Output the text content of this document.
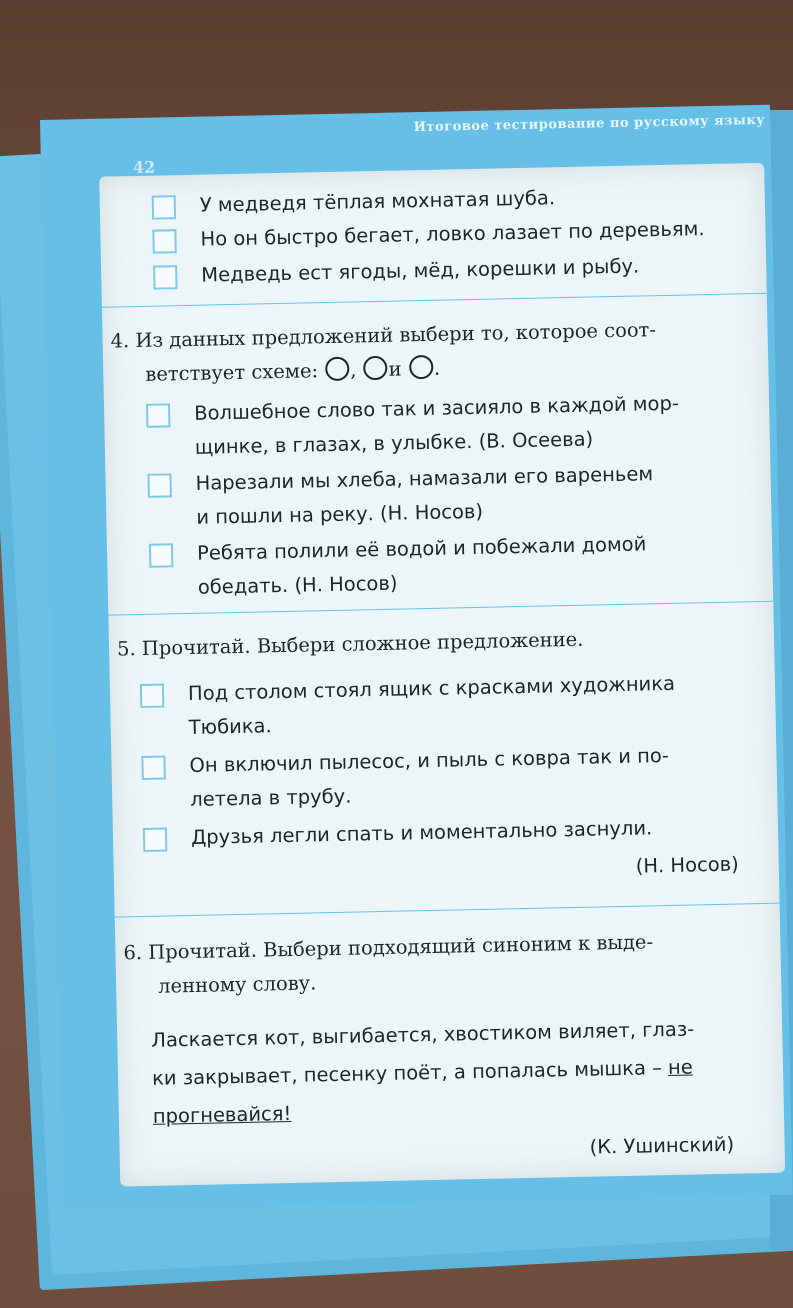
Итоговое тестирование по русскому языку
42
У медведя тёплая мохнатая шуба.
Но он быстро бегает, ловко лазает по деревьям.
Медведь ест ягоды, мёд, корешки и рыбу.
4. Из данных предложений выбери то, которое соот-
ветствует схеме: , и .
Волшебное слово так и засияло в каждой мор-
щинке, в глазах, в улыбке. (В. Осеева)
Нарезали мы хлеба, намазали его вареньем
и пошли на реку. (Н. Носов)
Ребята полили её водой и побежали домой
обедать. (Н. Носов)
5. Прочитай. Выбери сложное предложение.
Под столом стоял ящик с красками художника
Тюбика.
Он включил пылесос, и пыль с ковра так и по-
летела в трубу.
Друзья легли спать и моментально заснули.
(Н. Носов)
6. Прочитай. Выбери подходящий синоним к выде-
ленному слову.
Ласкается кот, выгибается, хвостиком виляет, глаз-
ки закрывает, песенку поёт, а попалась мышка – не
прогневайся!
(К. Ушинский)
